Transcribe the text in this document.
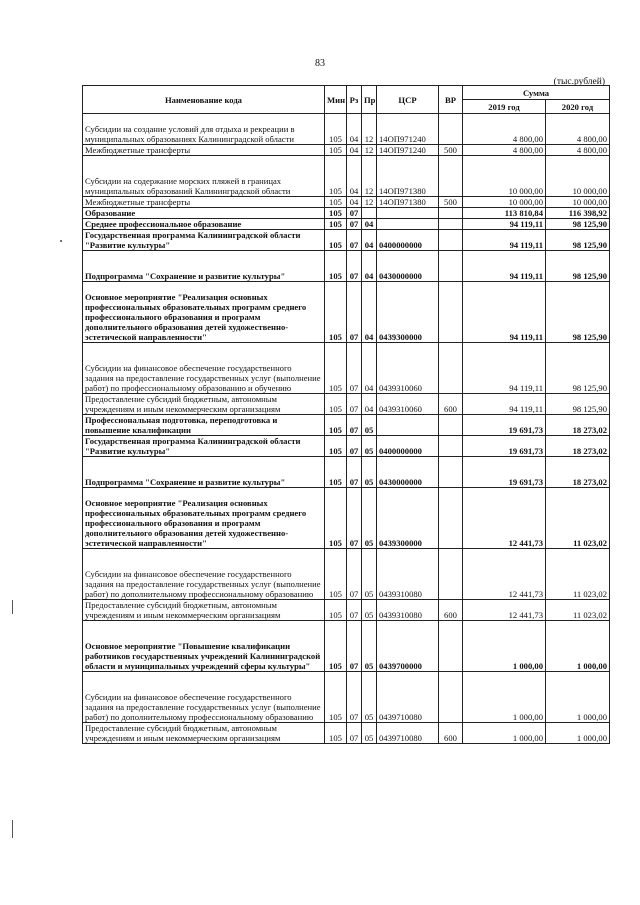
83
(тыс.рублей)
Наименование кода	Мин	Рз	Пр	ЦСР	ВР	Сумма	
						2019 год	2020 год
Субсидии на создание условий для отдыха и рекреации в муниципальных образованиях Калининградской области	105	04	12	14ОП971240		4 800,00	4 800,00
Межбюджетные трансферты	105	04	12	14ОП971240	500	4 800,00	4 800,00
Субсидии на содержание морских пляжей в границах муниципальных образований Калининградской области	105	04	12	14ОП971380		10 000,00	10 000,00
Межбюджетные трансферты	105	04	12	14ОП971380	500	10 000,00	10 000,00
Образование	105	07				113 810,84	116 398,92
Среднее профессиональное образование	105	07	04			94 119,11	98 125,90
Государственная программа Калининградской области "Развитие культуры"	105	07	04	0400000000		94 119,11	98 125,90
Подпрограмма "Сохранение и развитие культуры"	105	07	04	0430000000		94 119,11	98 125,90
Основное мероприятие "Реализация основных профессиональных образовательных программ среднего профессионального образования и программ дополнительного образования детей художественно-эстетической направленности"	105	07	04	0439300000		94 119,11	98 125,90
Субсидии на финансовое обеспечение государственного задания на предоставление государственных услуг (выполнение работ) по профессиональному образованию и обучению	105	07	04	0439310060		94 119,11	98 125,90
Предоставление субсидий бюджетным, автономным учреждениям и иным некоммерческим организациям	105	07	04	0439310060	600	94 119,11	98 125,90
Профессиональная подготовка, переподготовка и повышение квалификации	105	07	05			19 691,73	18 273,02
Государственная программа Калининградской области "Развитие культуры"	105	07	05	0400000000		19 691,73	18 273,02
Подпрограмма "Сохранение и развитие культуры"	105	07	05	0430000000		19 691,73	18 273,02
Основное мероприятие "Реализация основных профессиональных образовательных программ среднего профессионального образования и программ дополнительного образования детей художественно-эстетической направленности"	105	07	05	0439300000		12 441,73	11 023,02
Субсидии на финансовое обеспечение государственного задания на предоставление государственных услуг (выполнение работ) по дополнительному профессиональному образованию	105	07	05	0439310080		12 441,73	11 023,02
Предоставление субсидий бюджетным, автономным учреждениям и иным некоммерческим организациям	105	07	05	0439310080	600	12 441,73	11 023,02
Основное мероприятие "Повышение квалификации работников государственных учреждений Калининградской области и муниципальных учреждений сферы культуры"	105	07	05	0439700000		1 000,00	1 000,00
Субсидии на финансовое обеспечение государственного задания на предоставление государственных услуг (выполнение работ) по дополнительному профессиональному образованию	105	07	05	0439710080		1 000,00	1 000,00
Предоставление субсидий бюджетным, автономным учреждениям и иным некоммерческим организациям	105	07	05	0439710080	600	1 000,00	1 000,00
